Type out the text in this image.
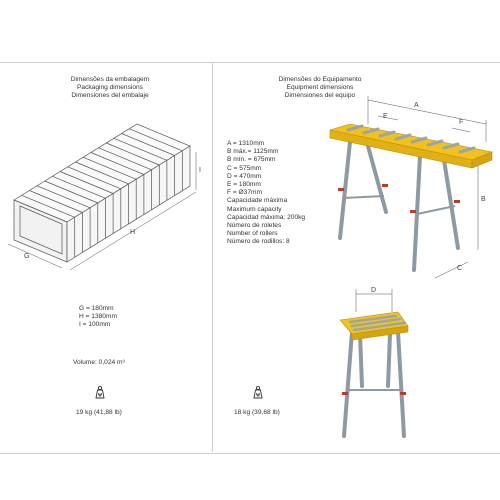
Dimensões da embalagem
Packaging dimensions
Dimensiones del embalaje
Dimensões do Equipamento
Equipment dimensions
Dimensiones del equipo
G
H
I
G = 180mm
H = 1380mm
I = 100mm
Volume: 0,024 m³
19 kg (41,88 lb)	18 kg (39,68 lb)
A = 1310mm
B máx.= 1125mm
B mín. = 675mm
C = 575mm
D = 470mm
E = 180mm
F = Ø37mm
Capacidade máxima
Maximum capacity
Capacidad máxima: 200kg
Número de roletes
Number of rollers
Número de rodillos: 8
A
E
F
B
C
D
